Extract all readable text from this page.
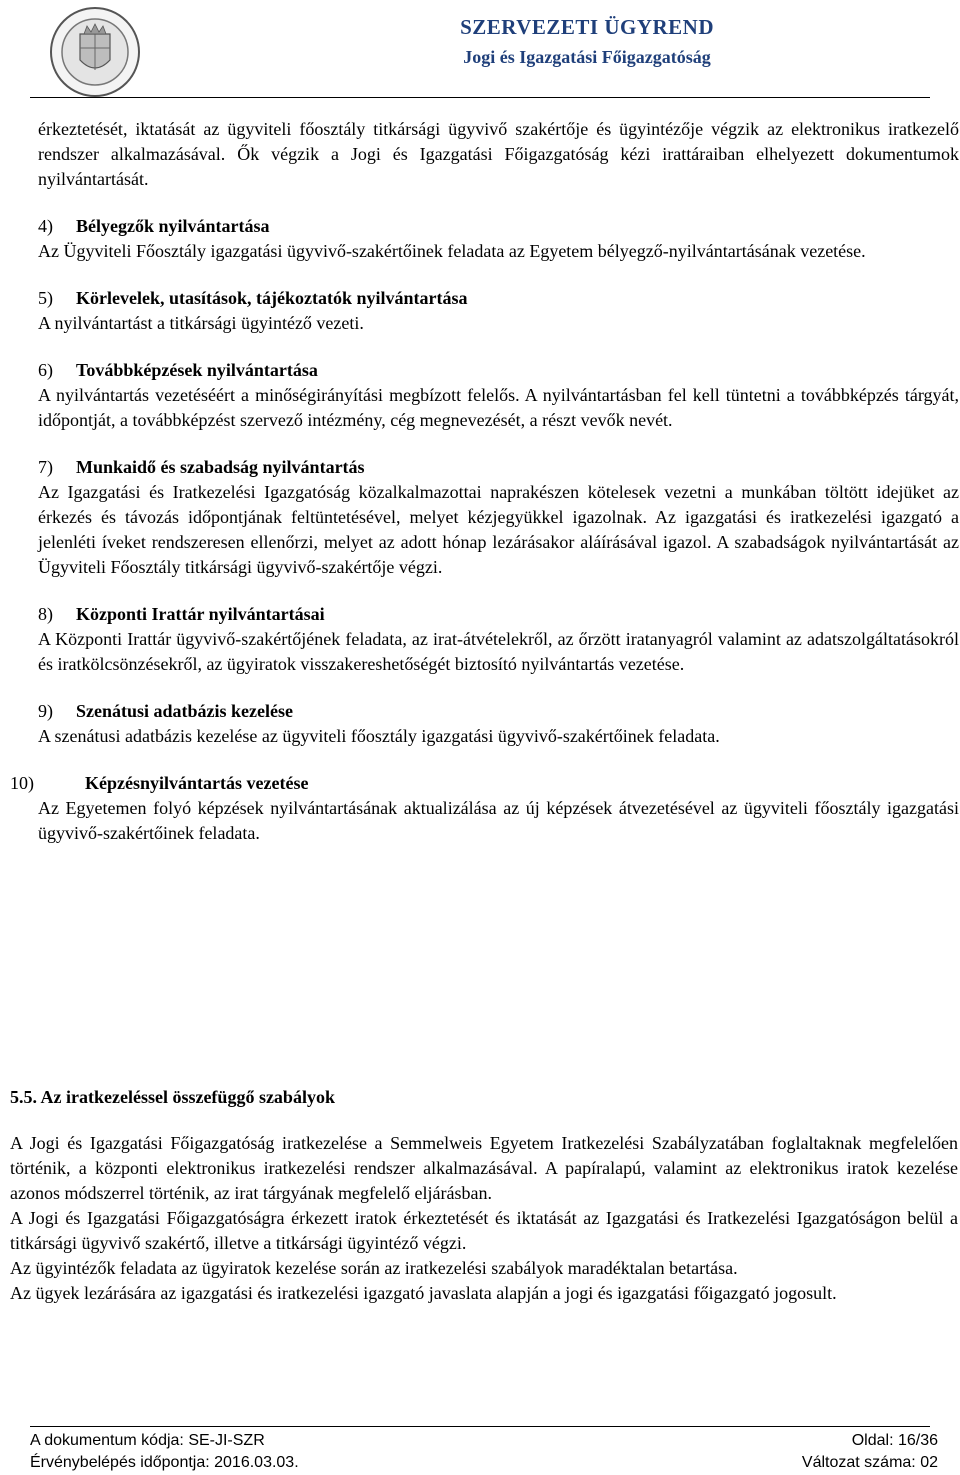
SZERVEZETI ÜGYREND
Jogi és Igazgatási Főigazgatóság

érkeztetését, iktatását az ügyviteli főosztály titkársági ügyvivő szakértője és ügyintézője végzik az elektronikus iratkezelő rendszer alkalmazásával. Ők végzik a Jogi és Igazgatási Főigazgatóság kézi irattáraiban elhelyezett dokumentumok nyilvántartását.

4)	Bélyegzők nyilvántartása

Az Ügyviteli Főosztály igazgatási ügyvivő-szakértőinek feladata az Egyetem bélyegző-nyilvántartásának vezetése.

5)	Körlevelek, utasítások, tájékoztatók nyilvántartása

A nyilvántartást a titkársági ügyintéző vezeti.

6)	Továbbképzések nyilvántartása

A nyilvántartás vezetéséért a minőségirányítási megbízott felelős. A nyilvántartásban fel kell tüntetni a továbbképzés tárgyát, időpontját, a továbbképzést szervező intézmény, cég megnevezését, a részt vevők nevét.

7)	Munkaidő és szabadság nyilvántartás

Az Igazgatási és Iratkezelési Igazgatóság közalkalmazottai naprakészen kötelesek vezetni a munkában töltött idejüket az érkezés és távozás időpontjának feltüntetésével, melyet kézjegyükkel igazolnak. Az igazgatási és iratkezelési igazgató a jelenléti íveket rendszeresen ellenőrzi, melyet az adott hónap lezárásakor aláírásával igazol. A szabadságok nyilvántartását az Ügyviteli Főosztály titkársági ügyvivő-szakértője végzi.

8)	Központi Irattár nyilvántartásai

A Központi Irattár ügyvivő-szakértőjének feladata, az irat-átvételekről, az őrzött iratanyagról valamint az adatszolgáltatásokról és iratkölcsönzésekről, az ügyiratok visszakereshetőségét biztosító nyilvántartás vezetése.

9)	Szenátusi adatbázis kezelése

A szenátusi adatbázis kezelése az ügyviteli főosztály igazgatási ügyvivő-szakértőinek feladata.

10)	Képzésnyilvántartás vezetése

Az Egyetemen folyó képzések nyilvántartásának aktualizálása az új képzések átvezetésével az ügyviteli főosztály igazgatási ügyvivő-szakértőinek feladata.

5.5. Az iratkezeléssel összefüggő szabályok

A Jogi és Igazgatási Főigazgatóság iratkezelése a Semmelweis Egyetem Iratkezelési Szabályzatában foglaltaknak megfelelően történik, a központi elektronikus iratkezelési rendszer alkalmazásával. A papíralapú, valamint az elektronikus iratok kezelése azonos módszerrel történik, az irat tárgyának megfelelő eljárásban.

A Jogi és Igazgatási Főigazgatóságra érkezett iratok érkeztetését és iktatását az Igazgatási és Iratkezelési Igazgatóságon belül a titkársági ügyvivő szakértő, illetve a titkársági ügyintéző végzi.

Az ügyintézők feladata az ügyiratok kezelése során az iratkezelési szabályok maradéktalan betartása.

Az ügyek lezárására az igazgatási és iratkezelési igazgató javaslata alapján a jogi és igazgatási főigazgató jogosult.

A dokumentum kódja: SE-JI-SZR	Oldal: 16/36
Érvénybelépés időpontja: 2016.03.03.	Változat száma: 02
